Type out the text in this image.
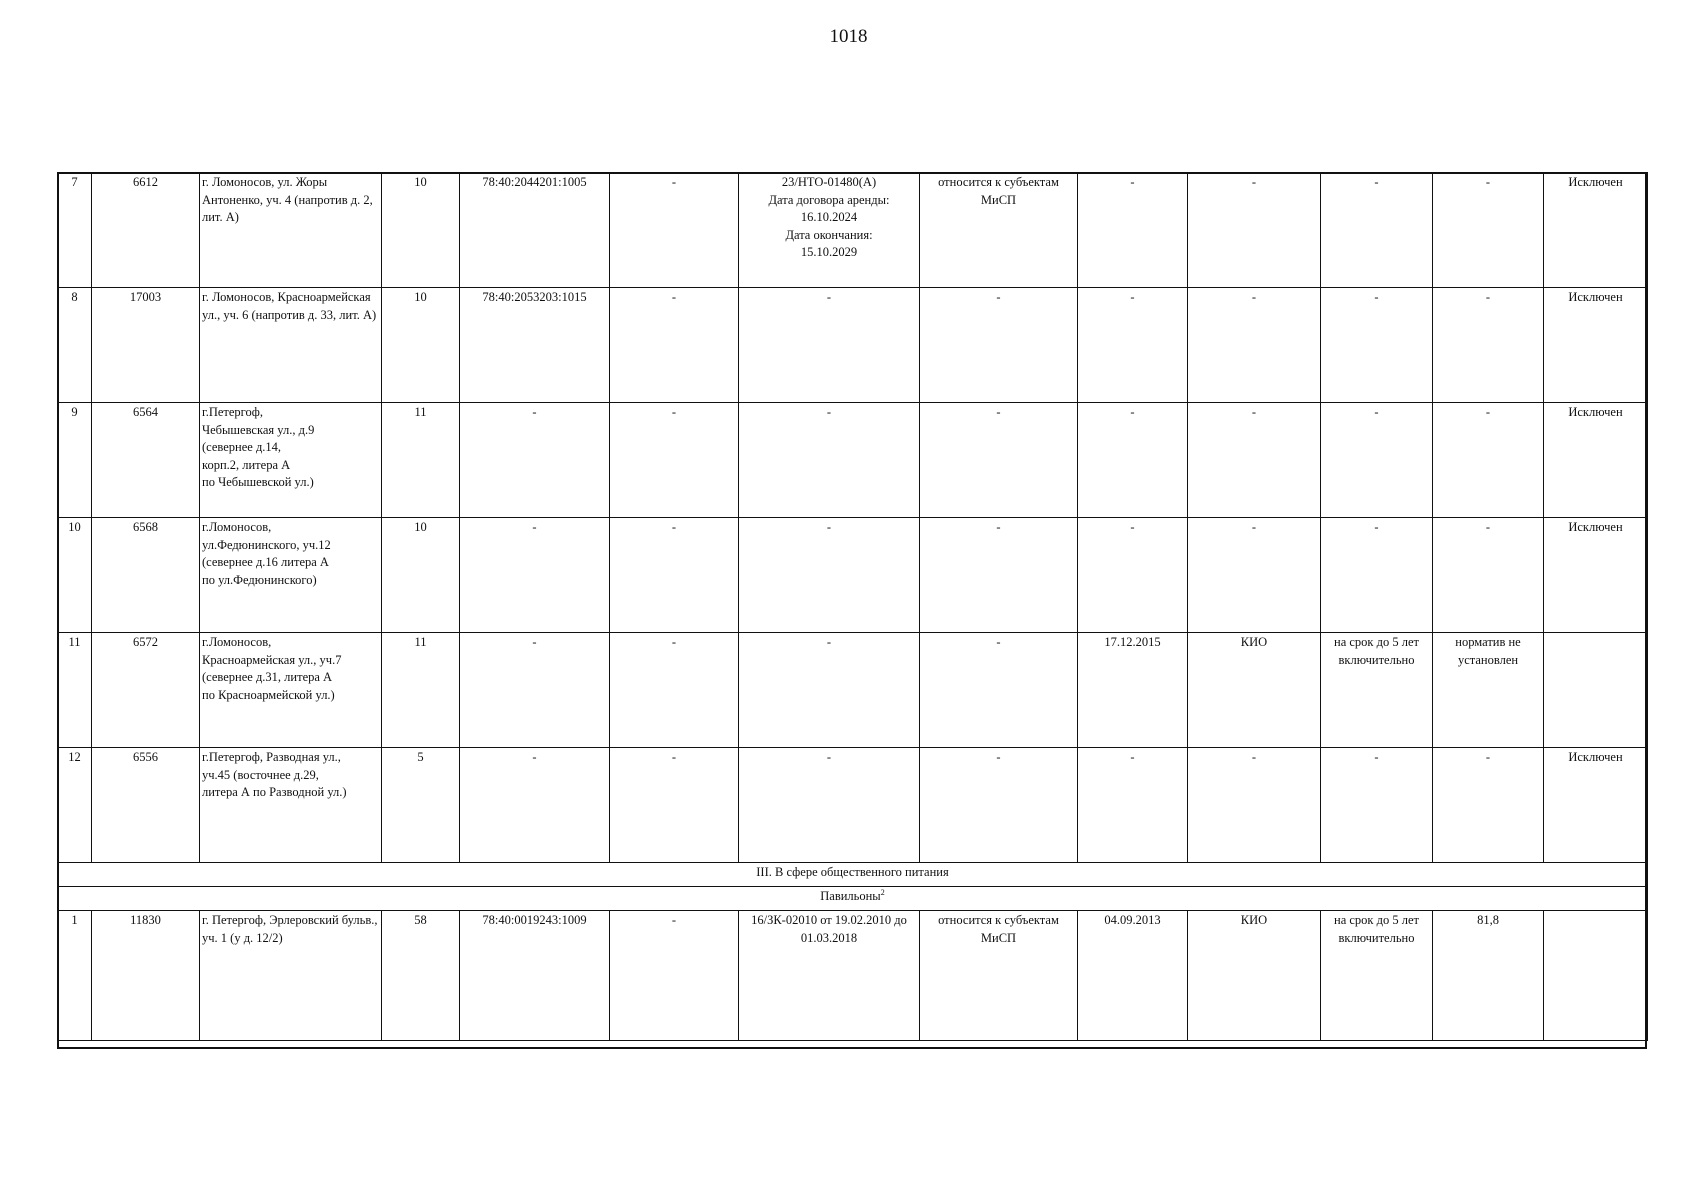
1018
7	6612	г. Ломоносов, ул. Жоры Антоненко, уч. 4 (напротив д. 2, лит. А)	10	78:40:2044201:1005	-	23/НТО-01480(А)
Дата договора аренды:
16.10.2024
Дата окончания:
15.10.2029	относится к субъектам МиСП	-	-	-	-	Исключен
8	17003	г. Ломоносов, Красноармейская ул., уч. 6 (напротив д. 33, лит. А)	10	78:40:2053203:1015	-	-	-	-	-	-	-	Исключен
9	6564	г.Петергоф,
Чебышевская ул., д.9
(севернее д.14,
корп.2, литера А
по Чебышевской ул.)	11	-	-	-	-	-	-	-	-	Исключен
10	6568	г.Ломоносов,
ул.Федюнинского, уч.12
(севернее д.16 литера А
по ул.Федюнинского)	10	-	-	-	-	-	-	-	-	Исключен
11	6572	г.Ломоносов,
Красноармейская ул., уч.7
(севернее д.31, литера А
по Красноармейской ул.)	11	-	-	-	-	17.12.2015	КИО	на срок до 5 лет включительно	норматив не установлен	
12	6556	г.Петергоф, Разводная ул.,
уч.45 (восточнее д.29,
литера А по Разводной ул.)	5	-	-	-	-	-	-	-	-	Исключен
III. В сфере общественного питания												
Павильоны$^2$
1	11830	г. Петергоф, Эрлеровский бульв., уч. 1 (у д. 12/2)	58	78:40:0019243:1009	-	16/ЗК-02010 от 19.02.2010 до 01.03.2018	относится к субъектам МиСП	04.09.2013	КИО	на срок до 5 лет включительно	81,8	
